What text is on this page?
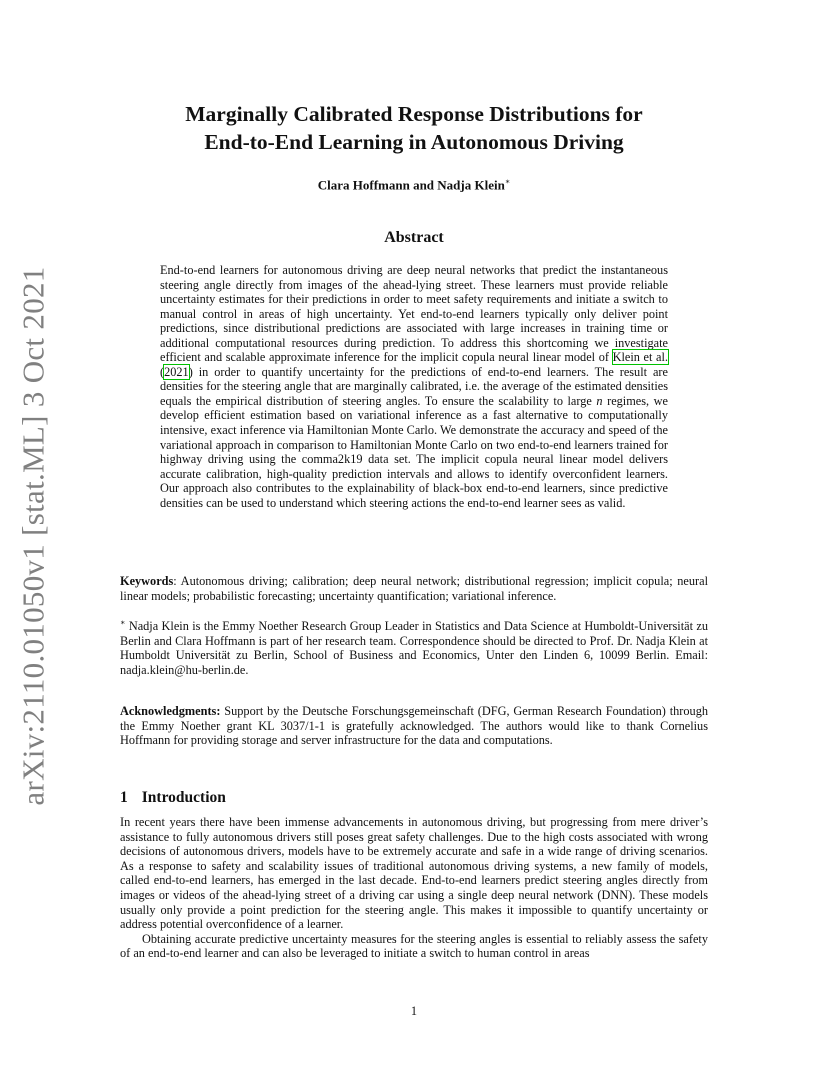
arXiv:2110.01050v1 [stat.ML] 3 Oct 2021
Marginally Calibrated Response Distributions for
End-to-End Learning in Autonomous Driving

Clara Hoffmann and Nadja Klein∗

Abstract

End-to-end learners for autonomous driving are deep neural networks that predict the instantaneous steering angle directly from images of the ahead-lying street. These learners must provide reliable uncertainty estimates for their predictions in order to meet safety requirements and initiate a switch to manual control in areas of high uncertainty. Yet end-to-end learners typically only deliver point predictions, since distributional predictions are associated with large increases in training time or additional computational resources during prediction. To address this shortcoming we investigate efficient and scalable approximate inference for the implicit copula neural linear model of Klein et al. (2021) in order to quantify uncertainty for the predictions of end-to-end learners. The result are densities for the steering angle that are marginally calibrated, i.e. the average of the estimated densities equals the empirical distribution of steering angles. To ensure the scalability to large n regimes, we develop efficient estimation based on variational inference as a fast alternative to computationally intensive, exact inference via Hamiltonian Monte Carlo. We demonstrate the accuracy and speed of the variational approach in comparison to Hamiltonian Monte Carlo on two end-to-end learners trained for highway driving using the comma2k19 data set. The implicit copula neural linear model delivers accurate calibration, high-quality prediction intervals and allows to identify overconfident learners. Our approach also contributes to the explainability of black-box end-to-end learners, since predictive densities can be used to understand which steering actions the end-to-end learner sees as valid.

Keywords: Autonomous driving; calibration; deep neural network; distributional regression; implicit copula; neural linear models; probabilistic forecasting; uncertainty quantification; variational inference.

∗ Nadja Klein is the Emmy Noether Research Group Leader in Statistics and Data Science at Humboldt-Universität zu Berlin and Clara Hoffmann is part of her research team. Correspondence should be directed to Prof. Dr. Nadja Klein at Humboldt Universität zu Berlin, School of Business and Economics, Unter den Linden 6, 10099 Berlin. Email: nadja.klein@hu-berlin.de.

Acknowledgments: Support by the Deutsche Forschungsgemeinschaft (DFG, German Research Foundation) through the Emmy Noether grant KL 3037/1-1 is gratefully acknowledged. The authors would like to thank Cornelius Hoffmann for providing storage and server infrastructure for the data and computations.

1 Introduction

In recent years there have been immense advancements in autonomous driving, but progressing from mere driver’s assistance to fully autonomous drivers still poses great safety challenges. Due to the high costs associated with wrong decisions of autonomous drivers, models have to be extremely accurate and safe in a wide range of driving scenarios. As a response to safety and scalability issues of traditional autonomous driving systems, a new family of models, called end-to-end learners, has emerged in the last decade. End-to-end learners predict steering angles directly from images or videos of the ahead-lying street of a driving car using a single deep neural network (DNN). These models usually only provide a point prediction for the steering angle. This makes it impossible to quantify uncertainty or address potential overconfidence of a learner.

Obtaining accurate predictive uncertainty measures for the steering angles is essential to reliably assess the safety of an end-to-end learner and can also be leveraged to initiate a switch to human control in areas

1
